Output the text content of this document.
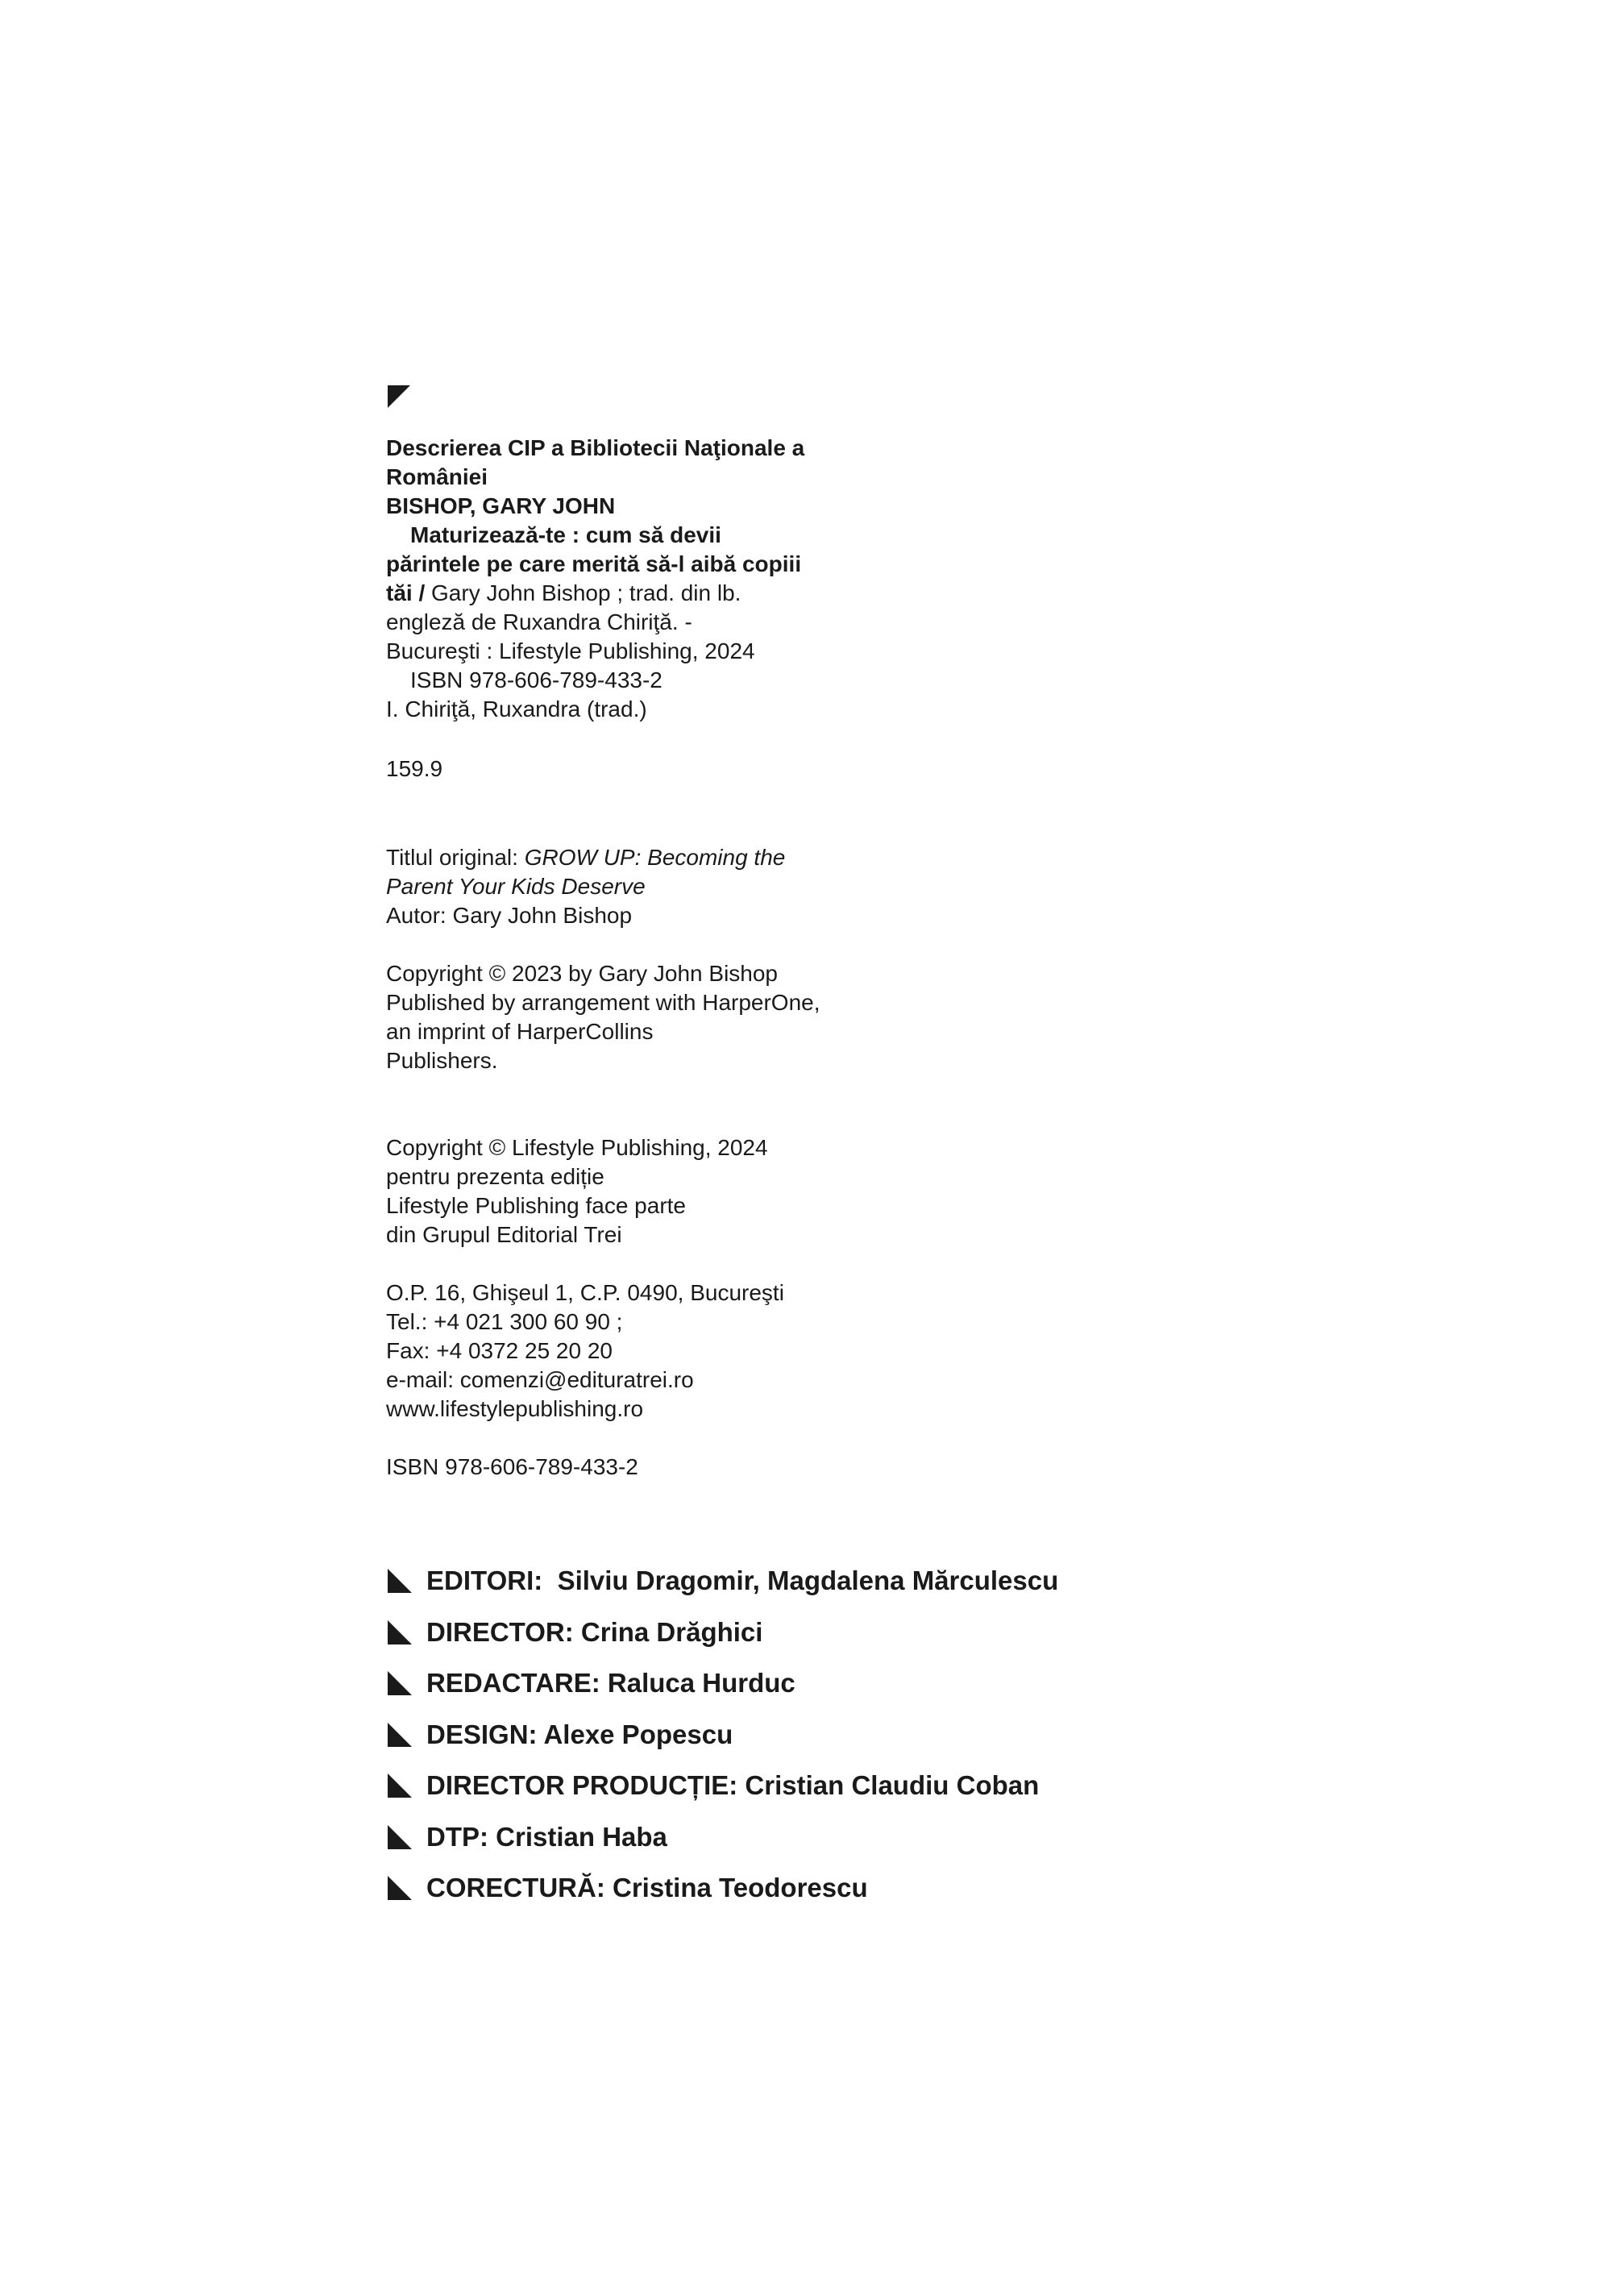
Descrierea CIP a Bibliotecii Naţionale a
României
BISHOP, GARY JOHN
Maturizează-te : cum să devii
părintele pe care merită să-l aibă copiii
tăi / Gary John Bishop ; trad. din lb.
engleză de Ruxandra Chiriţă. -
Bucureşti : Lifestyle Publishing, 2024
ISBN 978-606-789-433-2
I. Chiriţă, Ruxandra (trad.)
159.9
Titlul original: GROW UP: Becoming the
Parent Your Kids Deserve
Autor: Gary John Bishop
Copyright © 2023 by Gary John Bishop
Published by arrangement with HarperOne,
an imprint of HarperCollins
Publishers.
Copyright © Lifestyle Publishing, 2024
pentru prezenta ediție
Lifestyle Publishing face parte
din Grupul Editorial Trei
O.P. 16, Ghişeul 1, C.P. 0490, Bucureşti
Tel.: +4 021 300 60 90 ;
Fax: +4 0372 25 20 20
e-mail: comenzi@edituratrei.ro
www.lifestylepublishing.ro
ISBN 978-606-789-433-2
EDITORI: Silviu Dragomir, Magdalena Mărculescu
DIRECTOR: Crina Drăghici
REDACTARE: Raluca Hurduc
DESIGN: Alexe Popescu
DIRECTOR PRODUCȚIE: Cristian Claudiu Coban
DTP: Cristian Haba
CORECTURĂ: Cristina Teodorescu
